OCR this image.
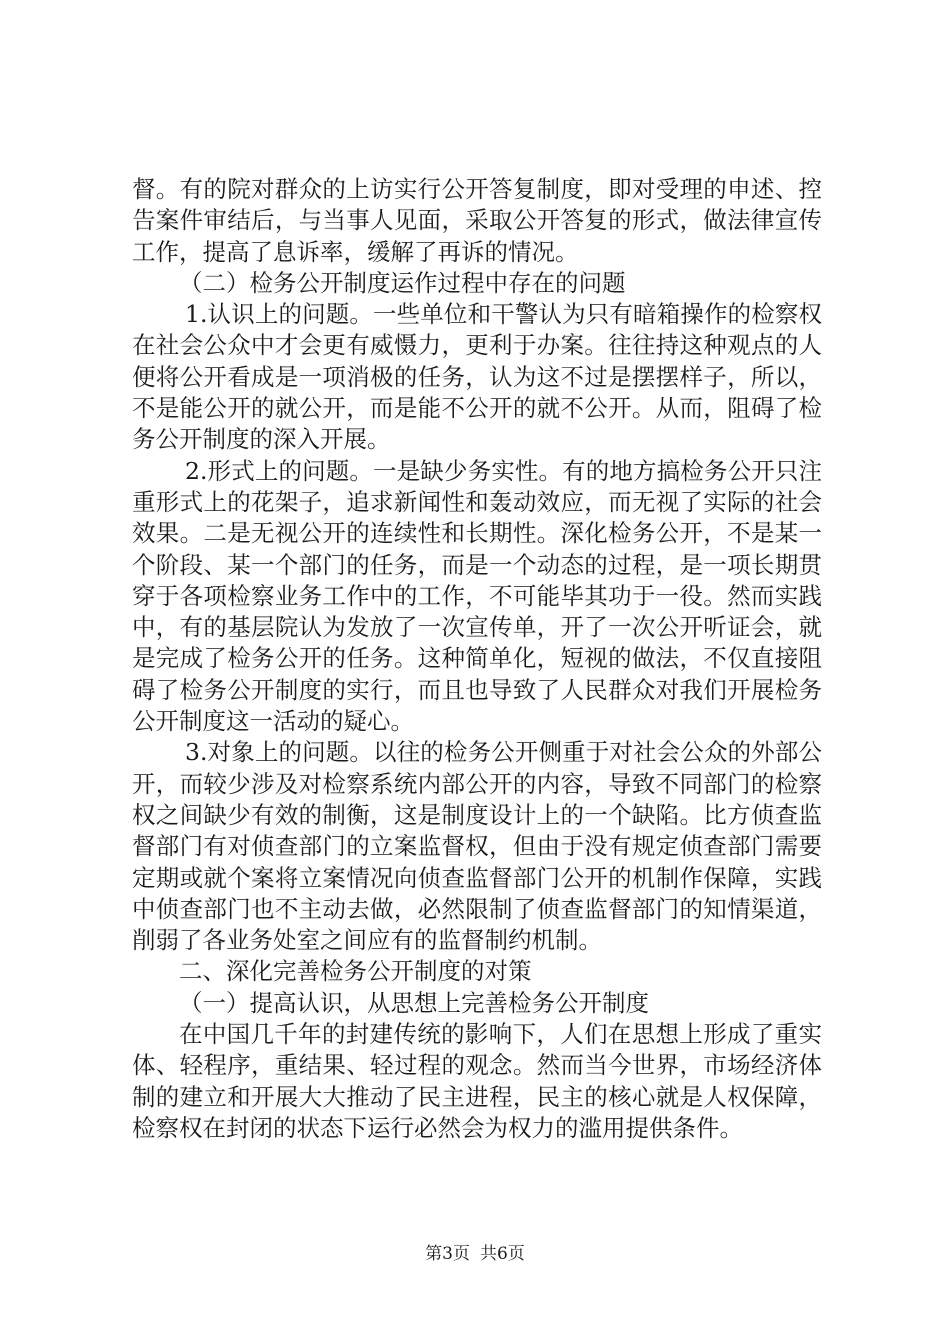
督。有的院对群众的上访实行公开答复制度，即对受理的申述、控告案件审结后，与当事人见面，采取公开答复的形式，做法律宣传工作，提高了息诉率，缓解了再诉的情况。

（二）检务公开制度运作过程中存在的问题

1.认识上的问题。一些单位和干警认为只有暗箱操作的检察权在社会公众中才会更有威慑力，更利于办案。往往持这种观点的人便将公开看成是一项消极的任务，认为这不过是摆摆样子，所以，不是能公开的就公开，而是能不公开的就不公开。从而，阻碍了检务公开制度的深入开展。

2.形式上的问题。一是缺少务实性。有的地方搞检务公开只注重形式上的花架子，追求新闻性和轰动效应，而无视了实际的社会效果。二是无视公开的连续性和长期性。深化检务公开，不是某一个阶段、某一个部门的任务，而是一个动态的过程，是一项长期贯穿于各项检察业务工作中的工作，不可能毕其功于一役。然而实践中，有的基层院认为发放了一次宣传单，开了一次公开听证会，就是完成了检务公开的任务。这种简单化，短视的做法，不仅直接阻碍了检务公开制度的实行，而且也导致了人民群众对我们开展检务公开制度这一活动的疑心。

3.对象上的问题。以往的检务公开侧重于对社会公众的外部公开，而较少涉及对检察系统内部公开的内容，导致不同部门的检察权之间缺少有效的制衡，这是制度设计上的一个缺陷。比方侦查监督部门有对侦查部门的立案监督权，但由于没有规定侦查部门需要定期或就个案将立案情况向侦查监督部门公开的机制作保障，实践中侦查部门也不主动去做，必然限制了侦查监督部门的知情渠道，削弱了各业务处室之间应有的监督制约机制。

二、深化完善检务公开制度的对策

（一）提高认识，从思想上完善检务公开制度

在中国几千年的封建传统的影响下，人们在思想上形成了重实体、轻程序，重结果、轻过程的观念。然而当今世界，市场经济体制的建立和开展大大推动了民主进程，民主的核心就是人权保障，检察权在封闭的状态下运行必然会为权力的滥用提供条件。

第3页 共6页
